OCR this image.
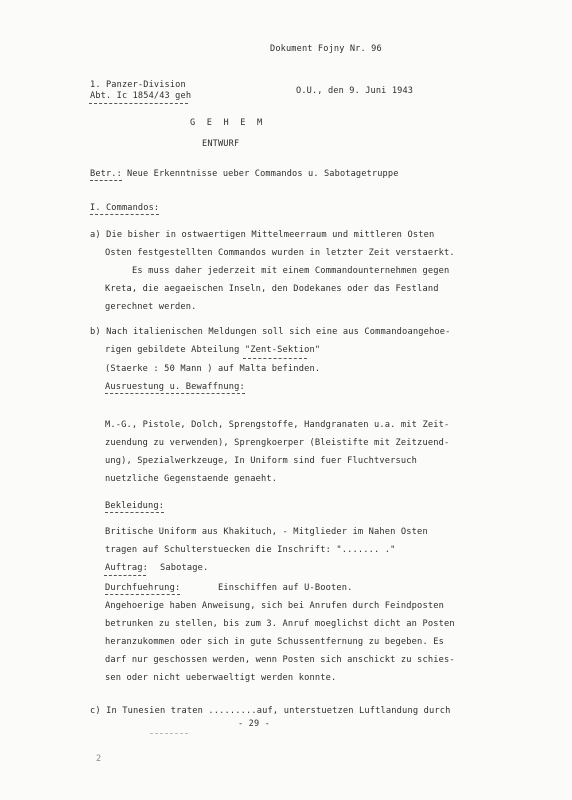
Dokument Fojny Nr. 96
1. Panzer-Division
O.U., den 9. Juni 1943
Abt. Ic 1854/43 geh
G E H E M
ENTWURF
Betr.: Neue Erkenntnisse ueber Commandos u. Sabotagetruppe
I. Commandos:
a) Die bisher in ostwaertigen Mittelmeerraum und mittleren Osten
Osten festgestellten Commandos wurden in letzter Zeit verstaerkt.
Es muss daher jederzeit mit einem Commandounternehmen gegen
Kreta, die aegaeischen Inseln, den Dodekanes oder das Festland
gerechnet werden.
b) Nach italienischen Meldungen soll sich eine aus Commandoangehoe-
rigen gebildete Abteilung "Zent-Sektion"
(Staerke : 50 Mann ) auf Malta befinden.
Ausruestung u. Bewaffnung:
M.-G., Pistole, Dolch, Sprengstoffe, Handgranaten u.a. mit Zeit-
zuendung zu verwenden), Sprengkoerper (Bleistifte mit Zeitzuend-
ung), Spezialwerkzeuge, In Uniform sind fuer Fluchtversuch
nuetzliche Gegenstaende genaeht.
Bekleidung:
Britische Uniform aus Khakituch, - Mitglieder im Nahen Osten
tragen auf Schulterstuecken die Inschrift: "....... ."
Auftrag: Sabotage.
Durchfuehrung:	Einschiffen auf U-Booten.
Angehoerige haben Anweisung, sich bei Anrufen durch Feindposten
betrunken zu stellen, bis zum 3. Anruf moeglichst dicht an Posten
heranzukommen oder sich in gute Schussentfernung zu begeben. Es
darf nur geschossen werden, wenn Posten sich anschickt zu schies-
sen oder nicht ueberwaeltigt werden konnte.
c) In Tunesien traten .........auf, unterstuetzen Luftlandung durch
- 29 -
2
